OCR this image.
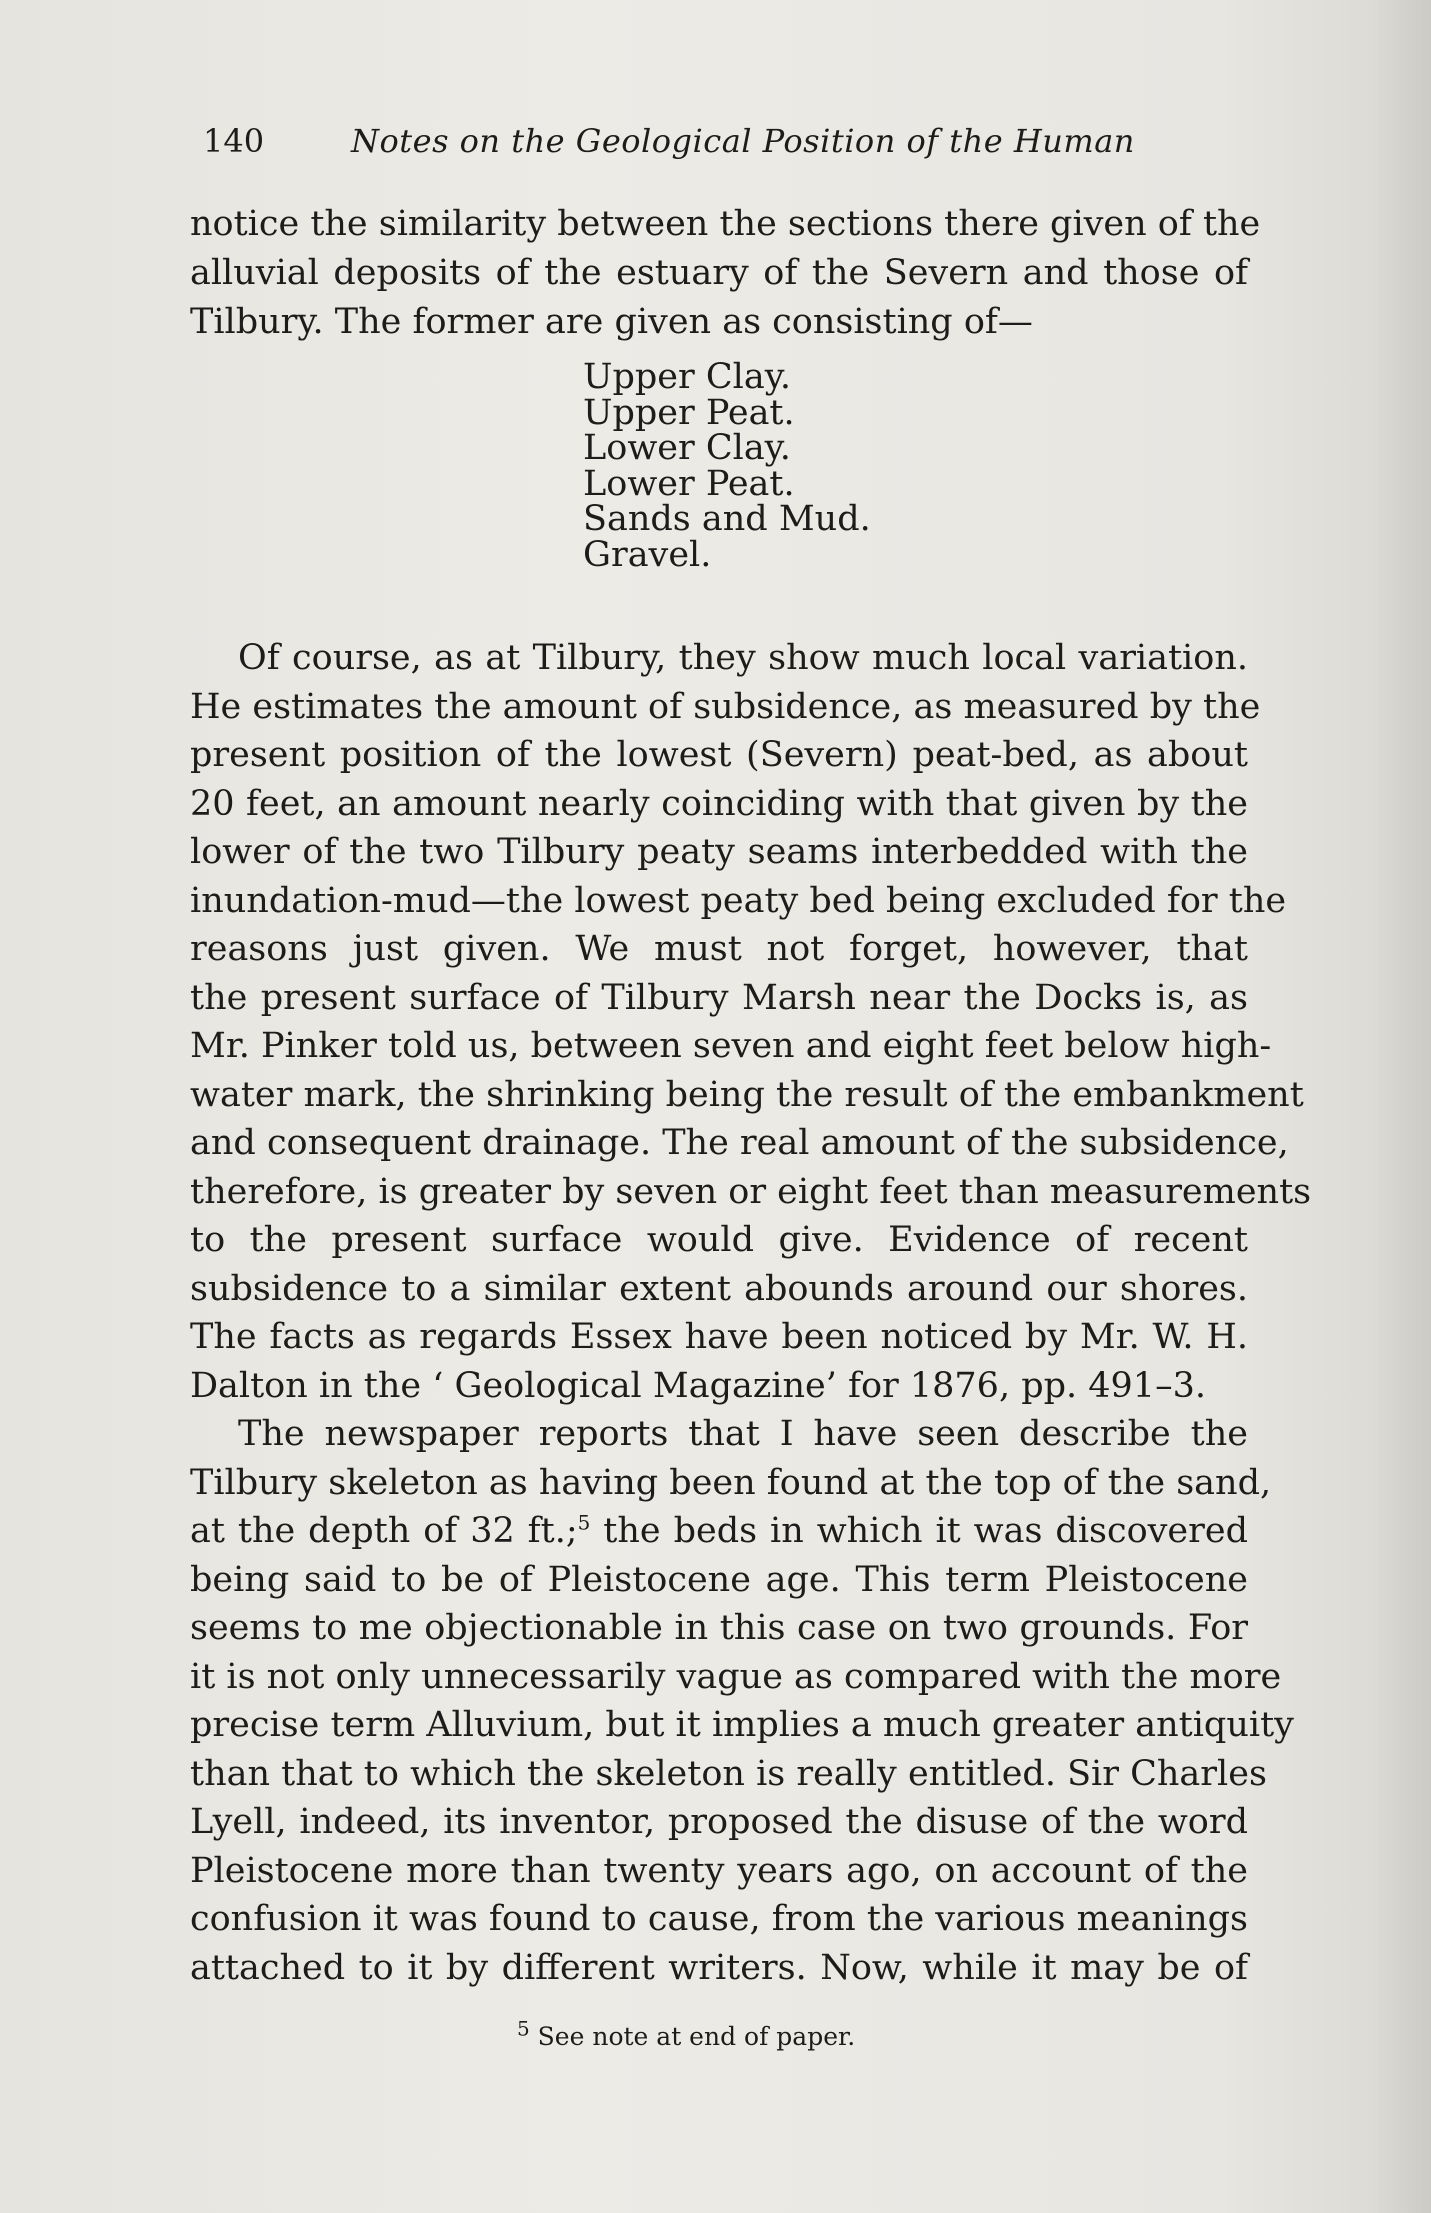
140	Notes on the Geological Position of the Human
notice the similarity between the sections there given of the
alluvial deposits of the estuary of the Severn and those of
Tilbury. The former are given as consisting of—
Upper Clay.
Upper Peat.
Lower Clay.
Lower Peat.
Sands and Mud.
Gravel.
Of course, as at Tilbury, they show much local variation.
He estimates the amount of subsidence, as measured by the
present position of the lowest (Severn) peat-bed, as about
20 feet, an amount nearly coinciding with that given by the
lower of the two Tilbury peaty seams interbedded with the
inundation-mud—the lowest peaty bed being excluded for the
reasons just given. We must not forget, however, that
the present surface of Tilbury Marsh near the Docks is, as
Mr. Pinker told us, between seven and eight feet below high-
water mark, the shrinking being the result of the embankment
and consequent drainage. The real amount of the subsidence,
therefore, is greater by seven or eight feet than measurements
to the present surface would give. Evidence of recent
subsidence to a similar extent abounds around our shores.
The facts as regards Essex have been noticed by Mr. W. H.
Dalton in the ‘ Geological Magazine’ for 1876, pp. 491–3.
The newspaper reports that I have seen describe the
Tilbury skeleton as having been found at the top of the sand,
at the depth of 32 ft.;$^5$ the beds in which it was discovered
being said to be of Pleistocene age. This term Pleistocene
seems to me objectionable in this case on two grounds. For
it is not only unnecessarily vague as compared with the more
precise term Alluvium, but it implies a much greater antiquity
than that to which the skeleton is really entitled. Sir Charles
Lyell, indeed, its inventor, proposed the disuse of the word
Pleistocene more than twenty years ago, on account of the
confusion it was found to cause, from the various meanings
attached to it by different writers. Now, while it may be of
$^5$ See note at end of paper.
